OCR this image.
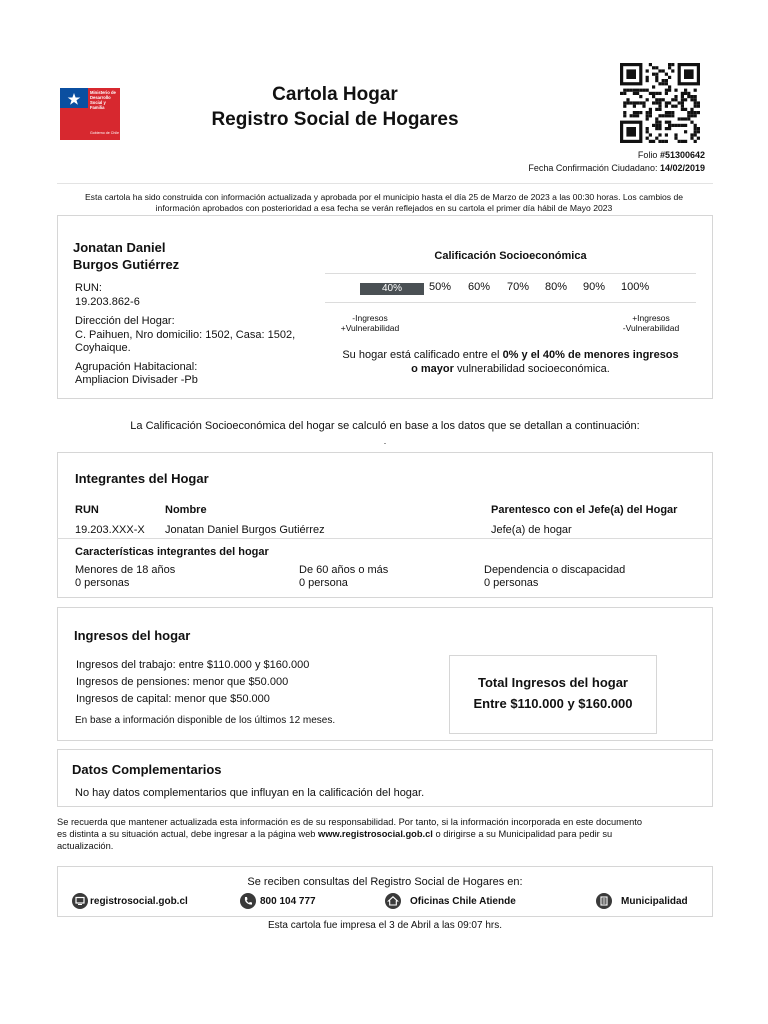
Ministerio de
Desarrollo
Social y
Familia
Gobierno de Chile
Cartola Hogar
Registro Social de Hogares
Folio #51300642
Fecha Confirmación Ciudadano: 14/02/2019
Esta cartola ha sido construida con información actualizada y aprobada por el municipio hasta el día 25 de Marzo de 2023 a las 00:30 horas. Los cambios de
información aprobados con posterioridad a esa fecha se verán reflejados en su cartola el primer día hábil de Mayo 2023
Jonatan Daniel
Burgos Gutiérrez
RUN:
19.203.862-6
Dirección del Hogar:
C. Paihuen, Nro domicilio: 1502, Casa: 1502,
Coyhaique.
Agrupación Habitacional:
Ampliacion Divisader -Pb
Calificación Socioeconómica
40%	50% 60% 70% 80% 90% 100%
-Ingresos
+Vulnerabilidad
+Ingresos
-Vulnerabilidad
Su hogar está calificado entre el 0% y el 40% de menores ingresos
o mayor vulnerabilidad socioeconómica.
La Calificación Socioeconómica del hogar se calculó en base a los datos que se detallan a continuación:
.
Integrantes del Hogar
RUN	Nombre	Parentesco con el Jefe(a) del Hogar
19.203.XXX-X Jonatan Daniel Burgos Gutiérrez	Jefe(a) de hogar
Características integrantes del hogar
Menores de 18 años
0 personas
De 60 años o más
0 persona
Dependencia o discapacidad
0 personas
Ingresos del hogar
Ingresos del trabajo: entre $110.000 y $160.000
Ingresos de pensiones: menor que $50.000
Ingresos de capital: menor que $50.000
En base a información disponible de los últimos 12 meses.
Total Ingresos del hogar
Entre $110.000 y $160.000
Datos Complementarios
No hay datos complementarios que influyan en la calificación del hogar.
Se recuerda que mantener actualizada esta información es de su responsabilidad. Por tanto, si la información incorporada en este documento
es distinta a su situación actual, debe ingresar a la página web www.registrosocial.gob.cl o dirigirse a su Municipalidad para pedir su
actualización.
Se reciben consultas del Registro Social de Hogares en:
registrosocial.gob.cl	800 104 777	Oficinas Chile Atiende	Municipalidad
Esta cartola fue impresa el 3 de Abril a las 09:07 hrs.
